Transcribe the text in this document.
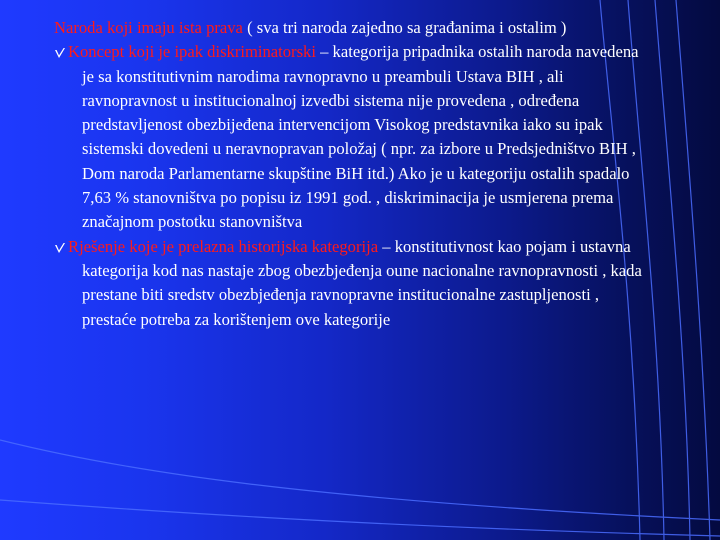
Naroda koji imaju ista prava ( sva tri naroda zajedno sa građanima i ostalim )

Koncept koji je ipak diskriminatorski – kategorija pripadnika ostalih naroda navedena je sa konstitutivnim narodima ravnopravno u preambuli Ustava BIH , ali ravnopravnost u institucionalnoj izvedbi sistema nije provedena , određena predstavljenost obezbijeđena intervencijom Visokog predstavnika iako su ipak sistemski dovedeni u neravnopravan položaj ( npr. za izbore u Predsjedništvo BIH , Dom naroda Parlamentarne skupštine BiH itd.) Ako je u kategoriju ostalih spadalo 7,63 % stanovništva po popisu iz 1991 god. , diskriminacija je usmjerena prema značajnom postotku stanovništva

Rješenje koje je prelazna historijska kategorija – konstitutivnost kao pojam i ustavna kategorija kod nas nastaje zbog obezbjeđenja oune nacionalne ravnopravnosti , kada prestane biti sredstv obezbjeđenja ravnopravne institucionalne zastupljenosti , prestaće potreba za korištenjem ove kategorije
